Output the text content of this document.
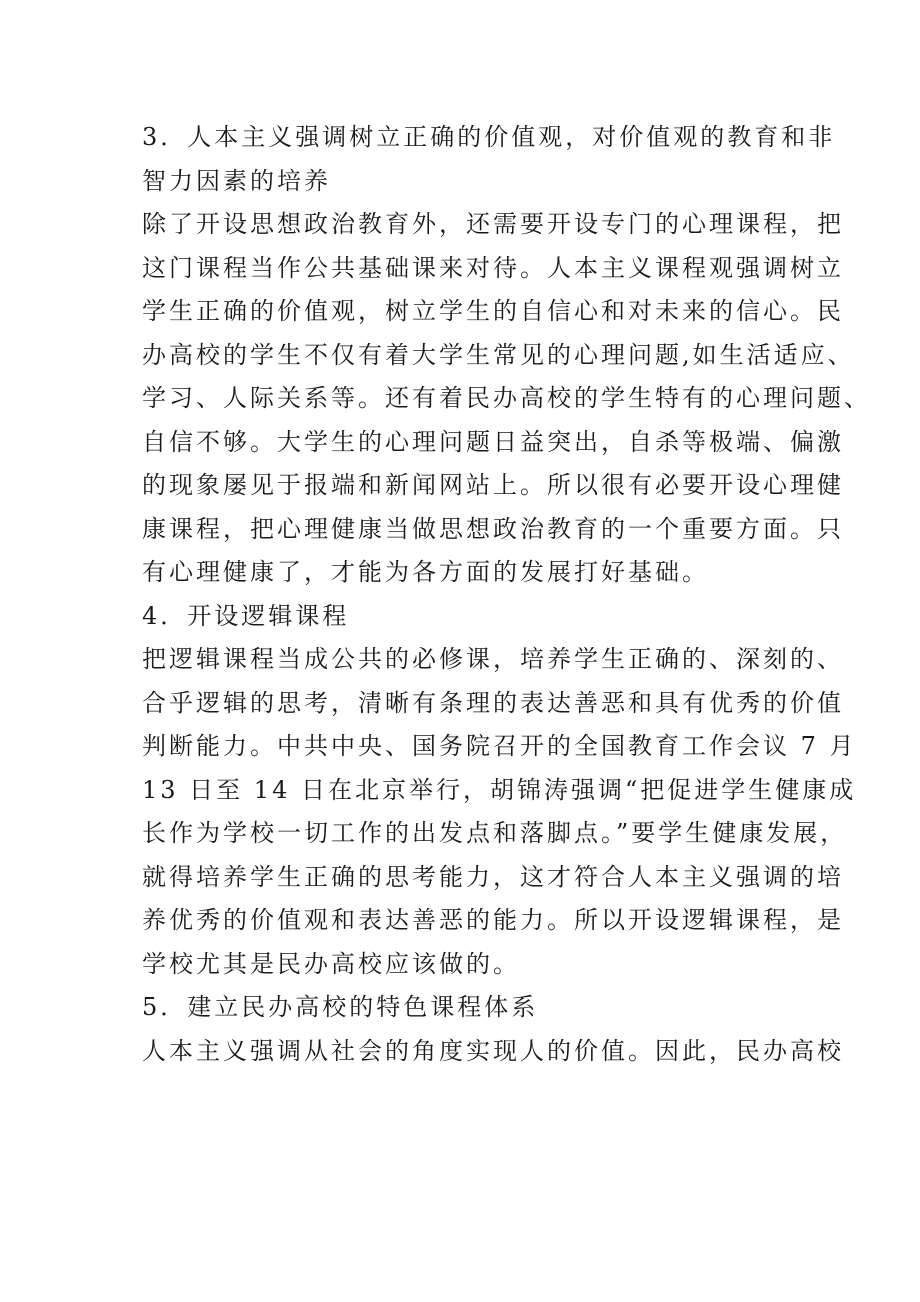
3．人本主义强调树立正确的价值观，对价值观的教育和非
智力因素的培养
除了开设思想政治教育外，还需要开设专门的心理课程，把
这门课程当作公共基础课来对待。人本主义课程观强调树立
学生正确的价值观，树立学生的自信心和对未来的信心。民
办高校的学生不仅有着大学生常见的心理问题,如生活适应、
学习、人际关系等。还有着民办高校的学生特有的心理问题、
自信不够。大学生的心理问题日益突出，自杀等极端、偏激
的现象屡见于报端和新闻网站上。所以很有必要开设心理健
康课程，把心理健康当做思想政治教育的一个重要方面。只
有心理健康了，才能为各方面的发展打好基础。
4．开设逻辑课程
把逻辑课程当成公共的必修课，培养学生正确的、深刻的、
合乎逻辑的思考，清晰有条理的表达善恶和具有优秀的价值
判断能力。中共中央、国务院召开的全国教育工作会议 7 月
13 日至 14 日在北京举行，胡锦涛强调“把促进学生健康成
长作为学校一切工作的出发点和落脚点。”要学生健康发展，
就得培养学生正确的思考能力，这才符合人本主义强调的培
养优秀的价值观和表达善恶的能力。所以开设逻辑课程，是
学校尤其是民办高校应该做的。
5．建立民办高校的特色课程体系
人本主义强调从社会的角度实现人的价值。因此，民办高校
